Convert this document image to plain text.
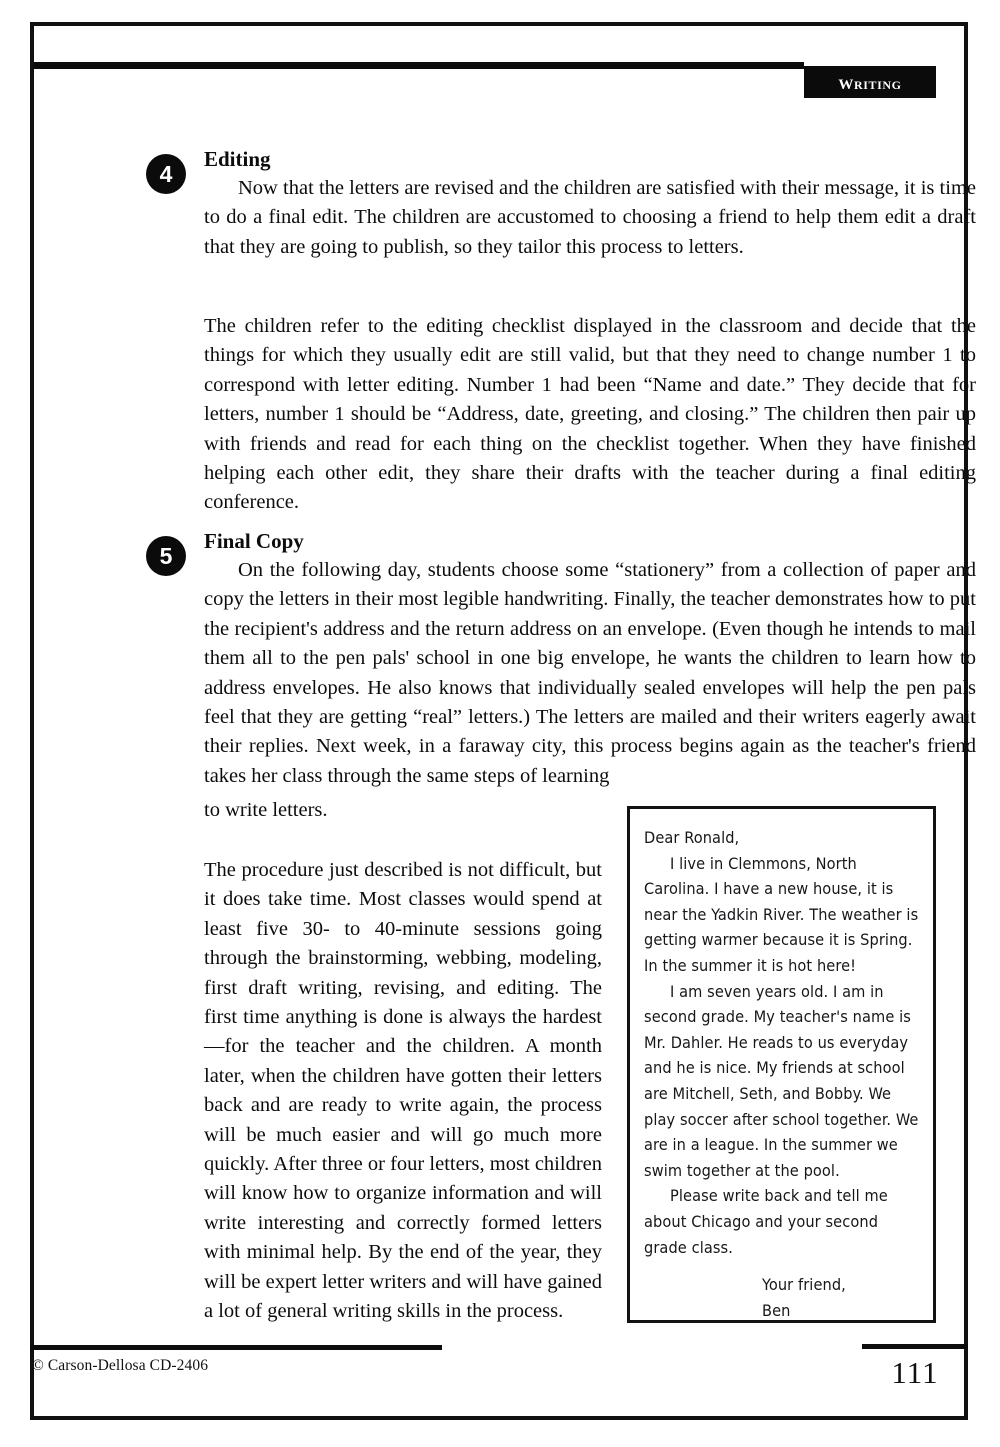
writing
4
Editing

Now that the letters are revised and the children are satisfied with their message, it is time to do a final edit. The children are accustomed to choosing a friend to help them edit a draft that they are going to publish, so they tailor this process to letters.

The children refer to the editing checklist displayed in the classroom and decide that the things for which they usually edit are still valid, but that they need to change number 1 to correspond with letter editing. Number 1 had been “Name and date.” They decide that for letters, number 1 should be “Address, date, greeting, and closing.” The children then pair up with friends and read for each thing on the checklist together. When they have finished helping each other edit, they share their drafts with the teacher during a final editing conference.

5
Final Copy

On the following day, students choose some “stationery” from a collection of paper and copy the letters in their most legible handwriting. Finally, the teacher demonstrates how to put the recipient's address and the return address on an envelope. (Even though he intends to mail them all to the pen pals' school in one big envelope, he wants the children to learn how to address envelopes. He also knows that individually sealed envelopes will help the pen pals feel that they are getting “real” letters.) The letters are mailed and their writers eagerly await their replies. Next week, in a faraway city, this process begins again as the teacher's friend takes her class through the same steps of learning

to write letters.

The procedure just described is not difficult, but it does take time. Most classes would spend at least five 30- to 40-minute sessions going through the brainstorming, webbing, modeling, first draft writing, revising, and editing. The first time anything is done is always the hardest—for the teacher and the children. A month later, when the children have gotten their letters back and are ready to write again, the process will be much easier and will go much more quickly. After three or four letters, most children will know how to organize information and will write interesting and correctly formed letters with minimal help. By the end of the year, they will be expert letter writers and will have gained a lot of general writing skills in the process.

Dear Ronald,

I live in Clemmons, North Carolina. I have a new house, it is near the Yadkin River. The weather is getting warmer because it is Spring. In the summer it is hot here!

I am seven years old. I am in second grade. My teacher's name is Mr. Dahler. He reads to us everyday and he is nice. My friends at school are Mitchell, Seth, and Bobby. We play soccer after school together. We are in a league. In the summer we swim together at the pool.

Please write back and tell me about Chicago and your second grade class.

Your friend,
Ben
© Carson-Dellosa CD-2406	111
